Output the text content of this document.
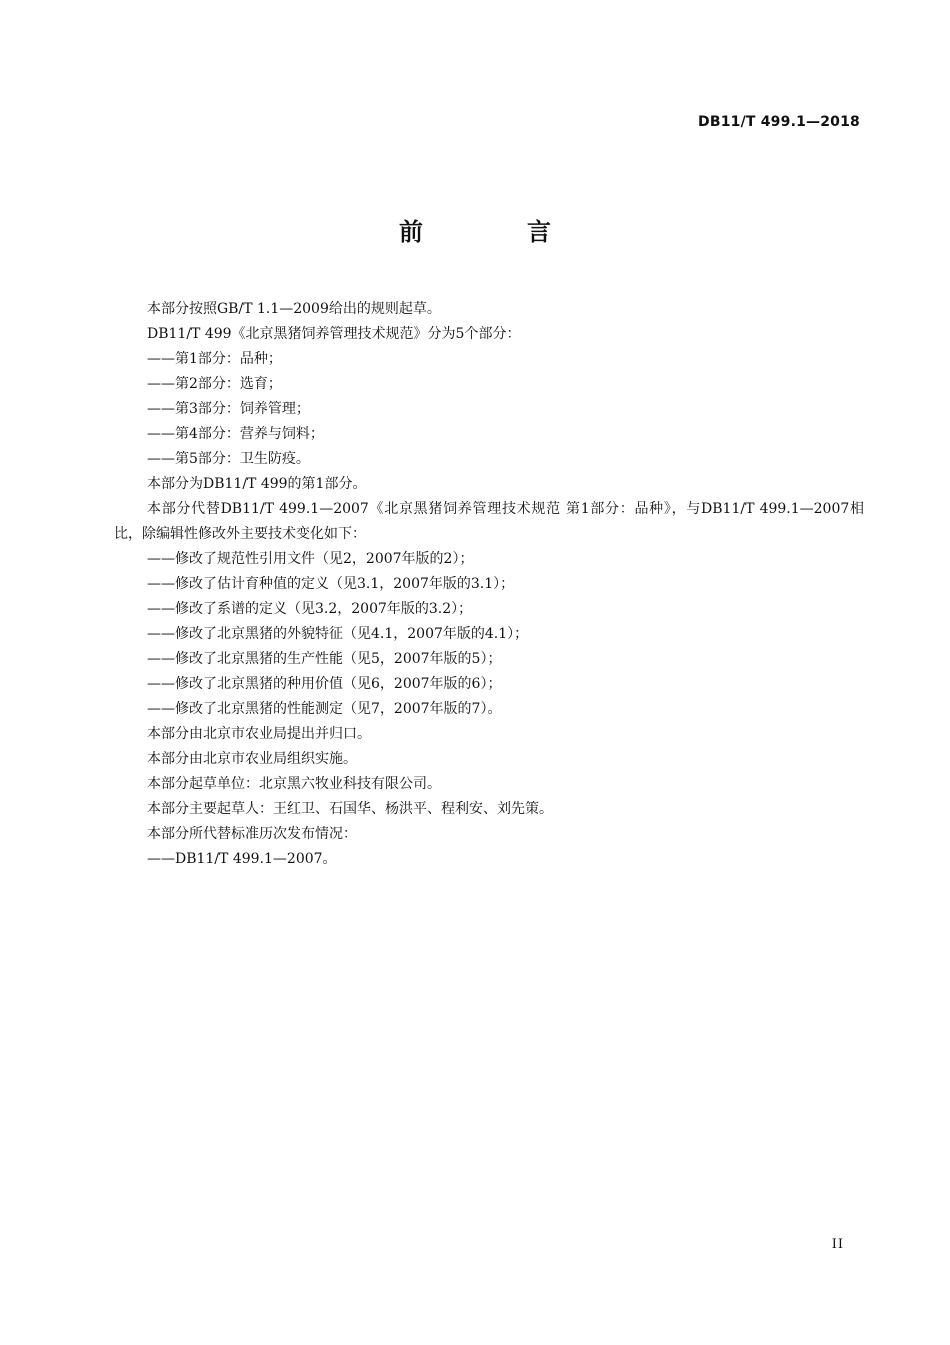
DB11/T 499.1—2018
前　言

本部分按照GB/T 1.1—2009给出的规则起草。

DB11/T 499《北京黑猪饲养管理技术规范》分为5个部分：

——第1部分：品种；

——第2部分：选育；

——第3部分：饲养管理；

——第4部分：营养与饲料；

——第5部分：卫生防疫。

本部分为DB11/T 499的第1部分。

本部分代替DB11/T 499.1—2007《北京黑猪饲养管理技术规范 第1部分：品种》，与DB11/T 499.1—2007相比，除编辑性修改外主要技术变化如下：

——修改了规范性引用文件（见2，2007年版的2）；

——修改了估计育种值的定义（见3.1，2007年版的3.1）；

——修改了系谱的定义（见3.2，2007年版的3.2）；

——修改了北京黑猪的外貌特征（见4.1，2007年版的4.1）；

——修改了北京黑猪的生产性能（见5，2007年版的5）；

——修改了北京黑猪的种用价值（见6，2007年版的6）；

——修改了北京黑猪的性能测定（见7，2007年版的7）。

本部分由北京市农业局提出并归口。

本部分由北京市农业局组织实施。

本部分起草单位：北京黑六牧业科技有限公司。

本部分主要起草人：王红卫、石国华、杨洪平、程利安、刘先策。

本部分所代替标准历次发布情况：

——DB11/T 499.1—2007。

II
